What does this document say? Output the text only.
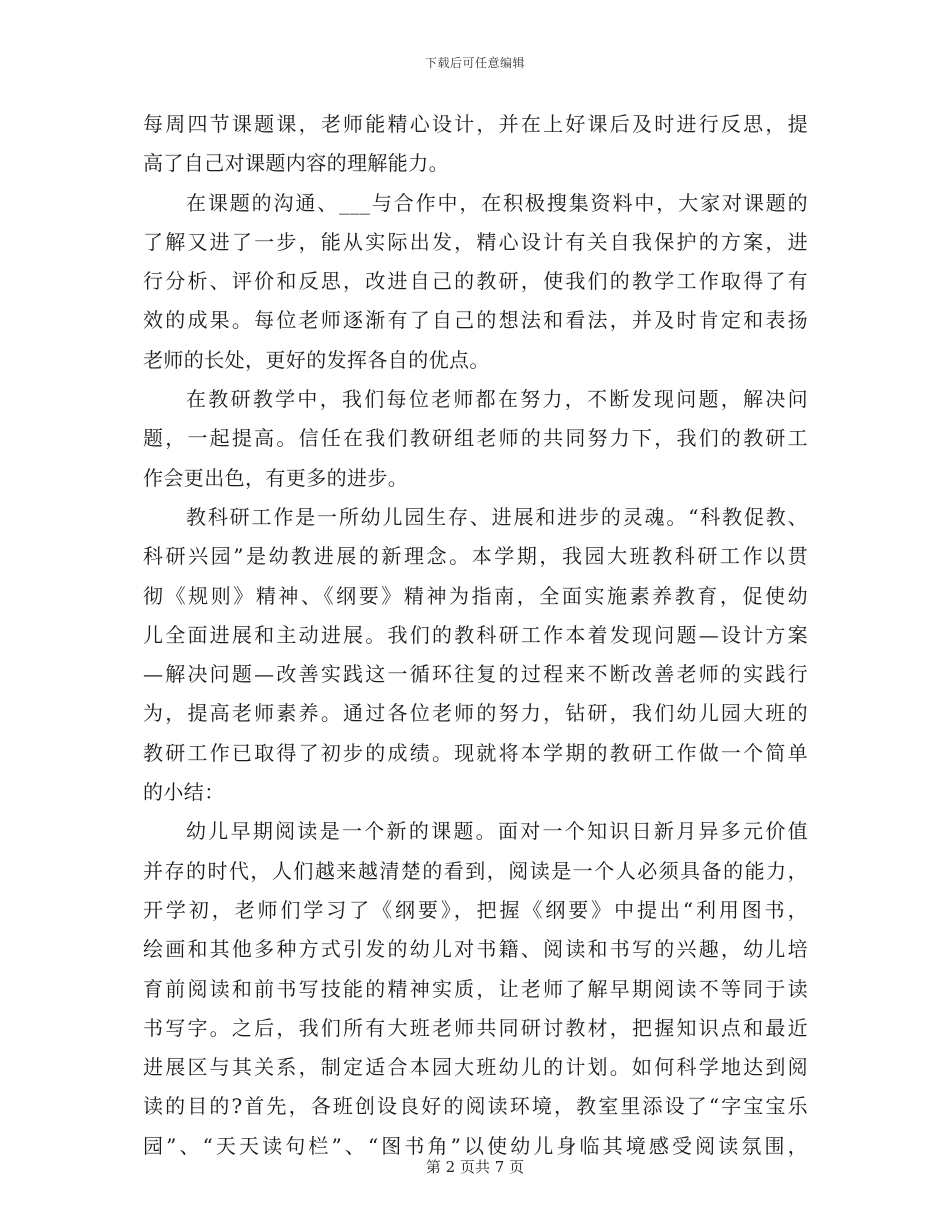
下载后可任意编辑
每周四节课题课，老师能精心设计，并在上好课后及时进行反思，提
高了自己对课题内容的理解能力。
在课题的沟通、___与合作中，在积极搜集资料中，大家对课题的
了解又进了一步，能从实际出发，精心设计有关自我保护的方案，进
行分析、评价和反思，改进自己的教研，使我们的教学工作取得了有
效的成果。每位老师逐渐有了自己的想法和看法，并及时肯定和表扬
老师的长处，更好的发挥各自的优点。
在教研教学中，我们每位老师都在努力，不断发现问题，解决问
题，一起提高。信任在我们教研组老师的共同努力下，我们的教研工
作会更出色，有更多的进步。
教科研工作是一所幼儿园生存、进展和进步的灵魂。“科教促教、
科研兴园”是幼教进展的新理念。本学期，我园大班教科研工作以贯
彻《规则》精神、《纲要》精神为指南，全面实施素养教育，促使幼
儿全面进展和主动进展。我们的教科研工作本着发现问题—设计方案
—解决问题—改善实践这一循环往复的过程来不断改善老师的实践行
为，提高老师素养。通过各位老师的努力，钻研，我们幼儿园大班的
教研工作已取得了初步的成绩。现就将本学期的教研工作做一个简单
的小结：
幼儿早期阅读是一个新的课题。面对一个知识日新月异多元价值
并存的时代，人们越来越清楚的看到，阅读是一个人必须具备的能力，
开学初，老师们学习了《纲要》，把握《纲要》中提出“利用图书，
绘画和其他多种方式引发的幼儿对书籍、阅读和书写的兴趣，幼儿培
育前阅读和前书写技能的精神实质，让老师了解早期阅读不等同于读
书写字。之后，我们所有大班老师共同研讨教材，把握知识点和最近
进展区与其关系，制定适合本园大班幼儿的计划。如何科学地达到阅
读的目的?首先，各班创设良好的阅读环境，教室里添设了“字宝宝乐
园”、“天天读句栏”、“图书角”以使幼儿身临其境感受阅读氛围，
第 2 页共 7 页
